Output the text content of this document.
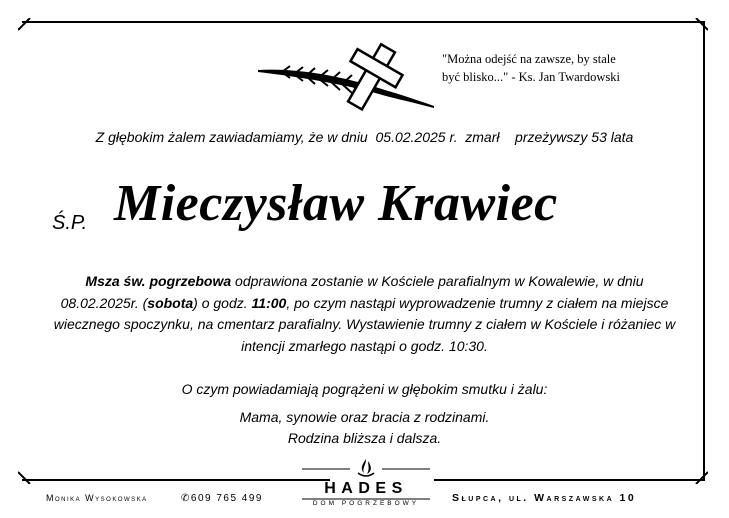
"Można odejść na zawsze, by stale
być blisko..." - Ks. Jan Twardowski
Z głębokim żalem zawiadamiamy, że w dniu  05.02.2025 r.  zmarł    przeżywszy 53 lata
Ś.P. Mieczysław Krawiec
Msza św. pogrzebowa odprawiona zostanie w Kościele parafialnym w Kowalewie, w dniu 08.02.2025r. (sobota) o godz. 11:00, po czym nastąpi wyprowadzenie trumny z ciałem na miejsce wiecznego spoczynku, na cmentarz parafialny. Wystawienie trumny z ciałem w Kościele i różaniec w intencji zmarłego nastąpi o godz. 10:30.
O czym powiadamiają pogrążeni w głębokim smutku i żalu:
Mama, synowie oraz bracia z rodzinami.
Rodzina bliższa i dalsza.
Monika Wysokowska	✆609 765 499
HADES
DOM POGRZEBOWY	Słupca, ul. Warszawska 10
